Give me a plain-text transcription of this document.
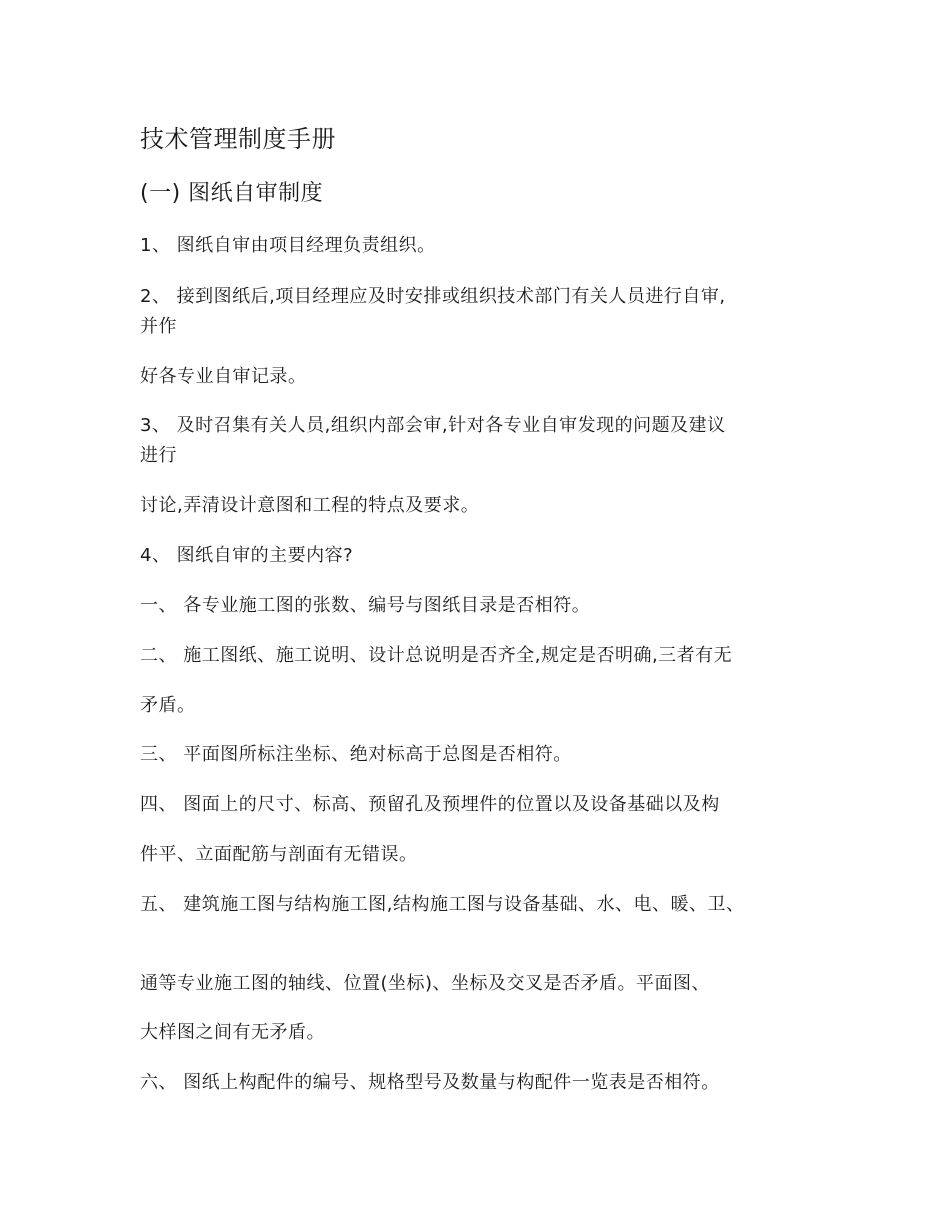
技术管理制度手册
(一) 图纸自审制度
1、 图纸自审由项目经理负责组织。
2、 接到图纸后,项目经理应及时安排或组织技术部门有关人员进行自审,
并作
好各专业自审记录。
3、 及时召集有关人员,组织内部会审,针对各专业自审发现的问题及建议
进行
讨论,弄清设计意图和工程的特点及要求。
4、 图纸自审的主要内容?
一、 各专业施工图的张数、编号与图纸目录是否相符。
二、 施工图纸、施工说明、设计总说明是否齐全,规定是否明确,三者有无
矛盾。
三、 平面图所标注坐标、绝对标高于总图是否相符。
四、 图面上的尺寸、标高、预留孔及预埋件的位置以及设备基础以及构
件平、立面配筋与剖面有无错误。
五、 建筑施工图与结构施工图,结构施工图与设备基础、水、电、暖、卫、
通等专业施工图的轴线、位置(坐标)、坐标及交叉是否矛盾。平面图、
大样图之间有无矛盾。
六、 图纸上构配件的编号、规格型号及数量与构配件一览表是否相符。
